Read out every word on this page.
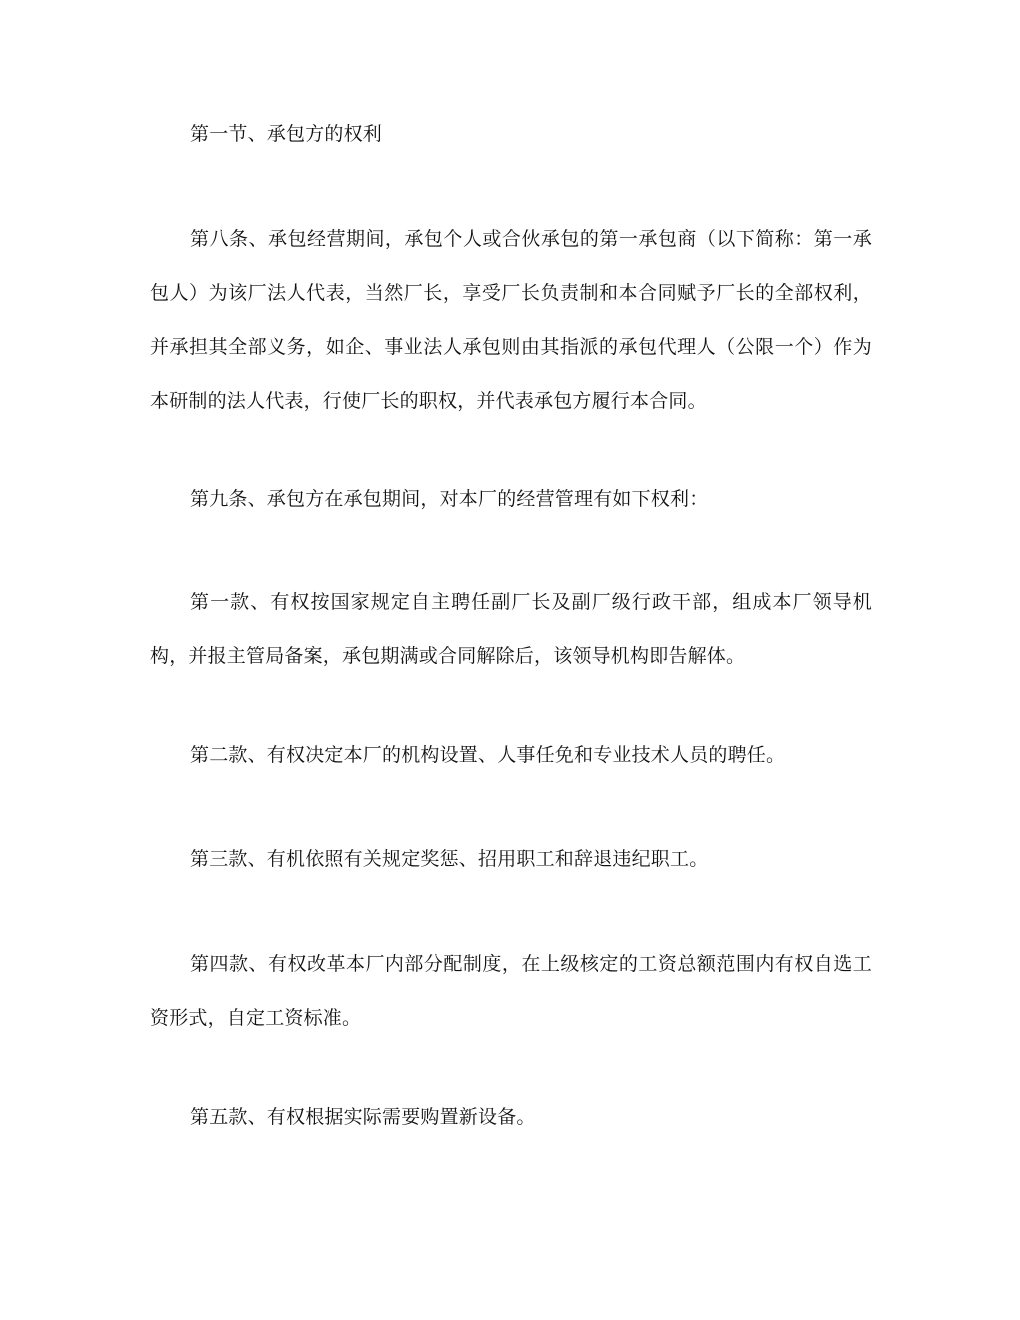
第一节、承包方的权利

第八条、承包经营期间，承包个人或合伙承包的第一承包商（以下简称：第一承包人）为该厂法人代表，当然厂长，享受厂长负责制和本合同赋予厂长的全部权利，并承担其全部义务，如企、事业法人承包则由其指派的承包代理人（公限一个）作为本研制的法人代表，行使厂长的职权，并代表承包方履行本合同。

第九条、承包方在承包期间，对本厂的经营管理有如下权利：

第一款、有权按国家规定自主聘任副厂长及副厂级行政干部，组成本厂领导机构，并报主管局备案，承包期满或合同解除后，该领导机构即告解体。

第二款、有权决定本厂的机构设置、人事任免和专业技术人员的聘任。

第三款、有机依照有关规定奖惩、招用职工和辞退违纪职工。

第四款、有权改革本厂内部分配制度，在上级核定的工资总额范围内有权自选工资形式，自定工资标准。

第五款、有权根据实际需要购置新设备。
